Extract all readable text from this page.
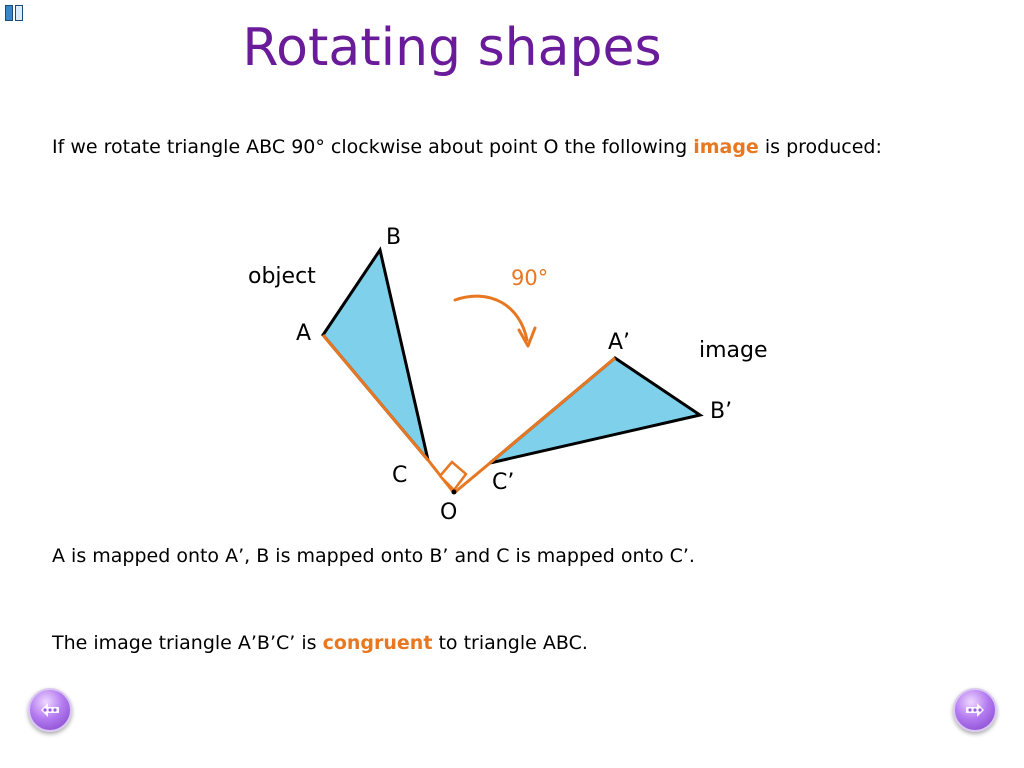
Rotating shapes
If we rotate triangle ABC 90° clockwise about point O the following image is produced:
object	90°
image
B
A
C
O
A’
B’
C’
A is mapped onto A’, B is mapped onto B’ and C is mapped onto C’.
The image triangle A’B’C’ is congruent to triangle ABC.
